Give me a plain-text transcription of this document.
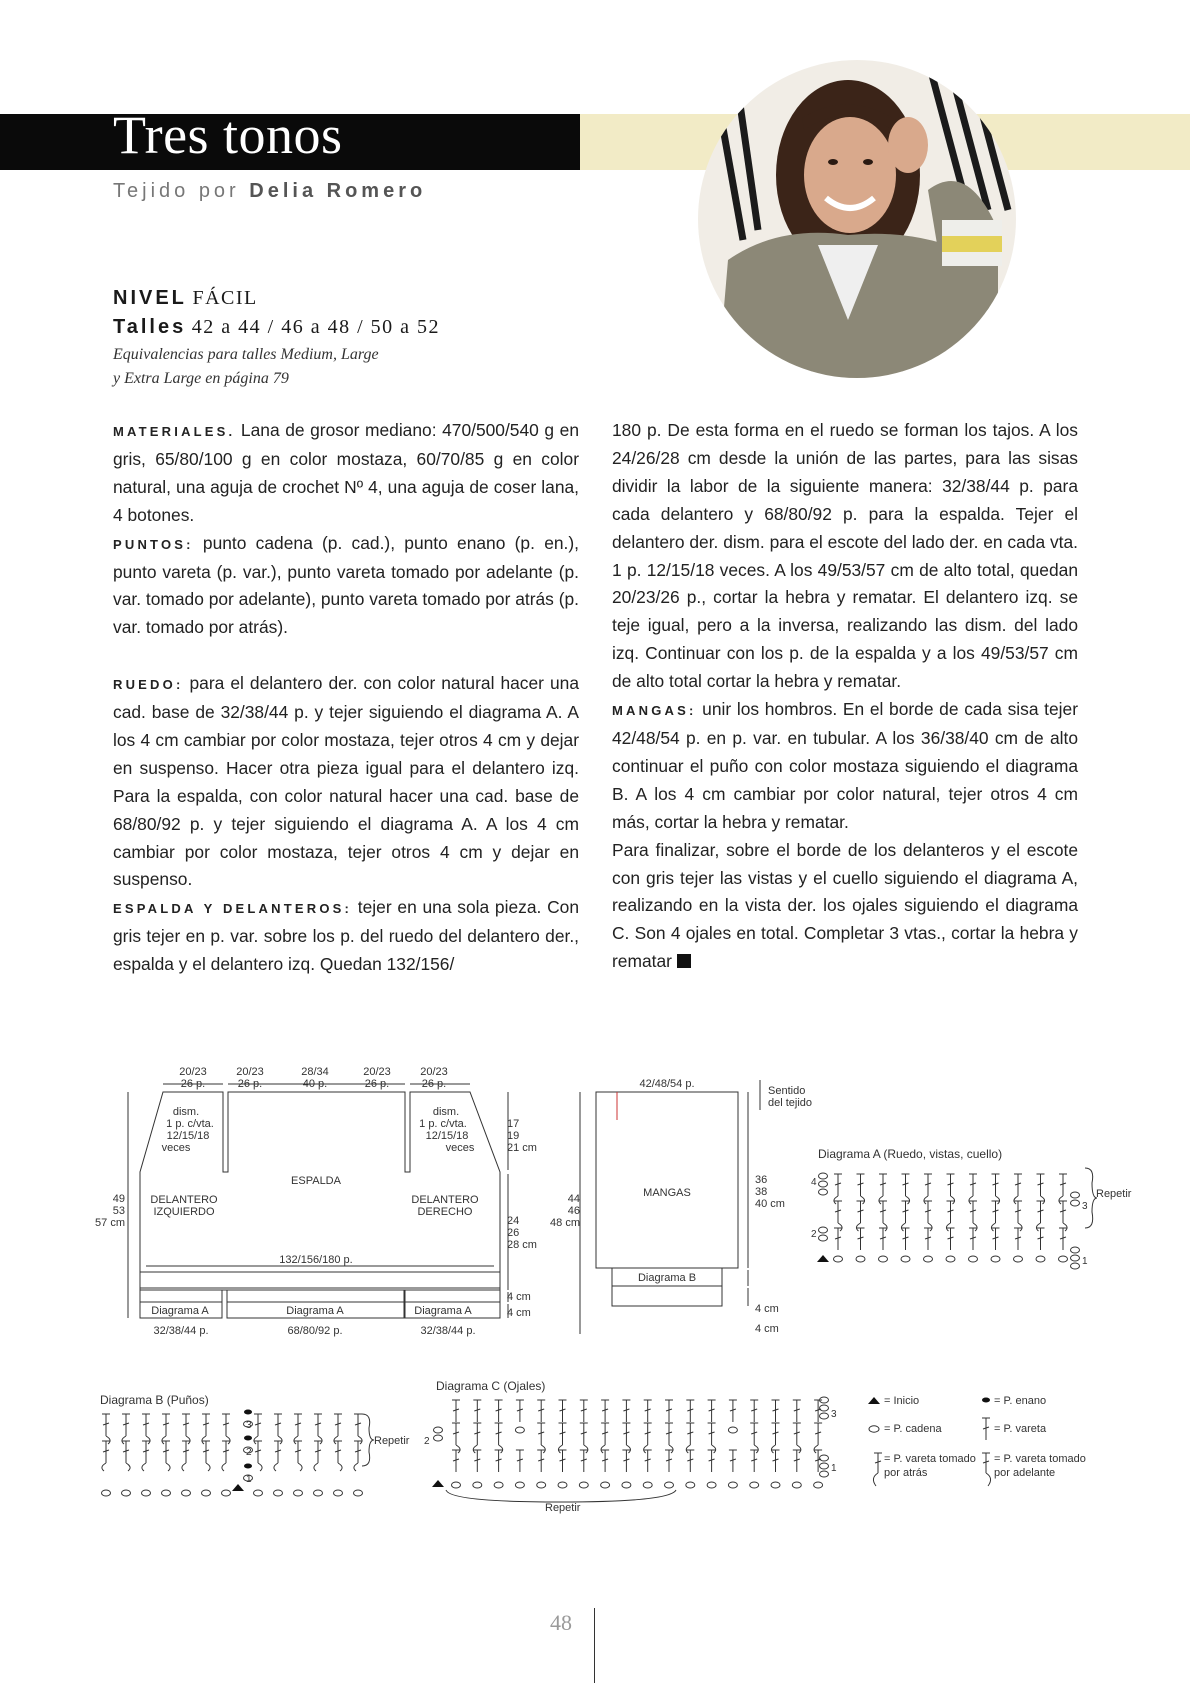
Tres tonos
Tejido por Delia Romero
NIVEL FÁCIL
Talles 42 a 44 / 46 a 48 / 50 a 52
Equivalencias para talles Medium, Large
y Extra Large en página 79

MATERIALES. Lana de grosor mediano: 470/500/540 g en gris, 65/80/100 g en color mostaza, 60/70/85 g en color natural, una aguja de crochet Nº 4, una aguja de coser lana, 4 botones.

PUNTOS: punto cadena (p. cad.), punto enano (p. en.), punto vareta (p. var.), punto vareta tomado por adelante (p. var. tomado por adelante), punto vareta tomado por atrás (p. var. tomado por atrás).

RUEDO: para el delantero der. con color natural hacer una cad. base de 32/38/44 p. y tejer siguiendo el diagrama A. A los 4 cm cambiar por color mostaza, tejer otros 4 cm y dejar en suspenso. Hacer otra pieza igual para el delantero izq. Para la espalda, con color natural hacer una cad. base de 68/80/92 p. y tejer siguiendo el diagrama A. A los 4 cm cambiar por color mostaza, tejer otros 4 cm y dejar en suspenso.

ESPALDA Y DELANTEROS: tejer en una sola pieza. Con gris tejer en p. var. sobre los p. del ruedo del delantero der., espalda y el delantero izq. Quedan 132/156/

180 p. De esta forma en el ruedo se forman los tajos. A los 24/26/28 cm desde la unión de las partes, para las sisas dividir la labor de la siguiente manera: 32/38/44 p. para cada delantero y 68/80/92 p. para la espalda. Tejer el delantero der. dism. para el escote del lado der. en cada vta. 1 p. 12/15/18 veces. A los 49/53/57 cm de alto total, quedan 20/23/26 p., cortar la hebra y rematar. El delantero izq. se teje igual, pero a la inversa, realizando las dism. del lado izq. Continuar con los p. de la espalda y a los 49/53/57 cm de alto total cortar la hebra y rematar.

MANGAS: unir los hombros. En el borde de cada sisa tejer 42/48/54 p. en p. var. en tubular. A los 36/38/40 cm de alto continuar el puño con color mostaza siguiendo el diagrama B. A los 4 cm cambiar por color natural, tejer otros 4 cm más, cortar la hebra y rematar.

Para finalizar, sobre el borde de los delanteros y el escote con gris tejer las vistas y el cuello siguiendo el diagrama A, realizando en la vista der. los ojales siguiendo el diagrama C. Son 4 ojales en total. Completar 3 vtas., cortar la hebra y rematar

20/23
26 p.
20/23
26 p.
28/34
40 p.
20/23
26 p.
20/23
26 p.
dism.
1 p. c/vta.
12/15/18
veces
dism.
1 p. c/vta.
12/15/18
veces
ESPALDA
DELANTERO
IZQUIERDO
DELANTERO
DERECHO
132/156/180 p.
Diagrama A	Diagrama A	Diagrama A
32/38/44 p.	68/80/92 p.	32/38/44 p.
42/48/54 p.
MANGAS
Diagrama B
49
53
57 cm
44
46
48 cm
17
19
21 cm
24
26
28 cm
4 cm
4 cm
36
38
40 cm
4 cm
4 cm
Sentido
del tejido
Diagrama A (Ruedo, vistas, cuello)
Repetir
4
3
2
1
Diagrama B (Puños)
Repetir
3
2
1
Diagrama C (Ojales)
Repetir
3
2
1
= Inicio	= P. enano
= P. cadena	= P. vareta
= P. vareta tomado
por atrás
= P. vareta tomado
por adelante
48
